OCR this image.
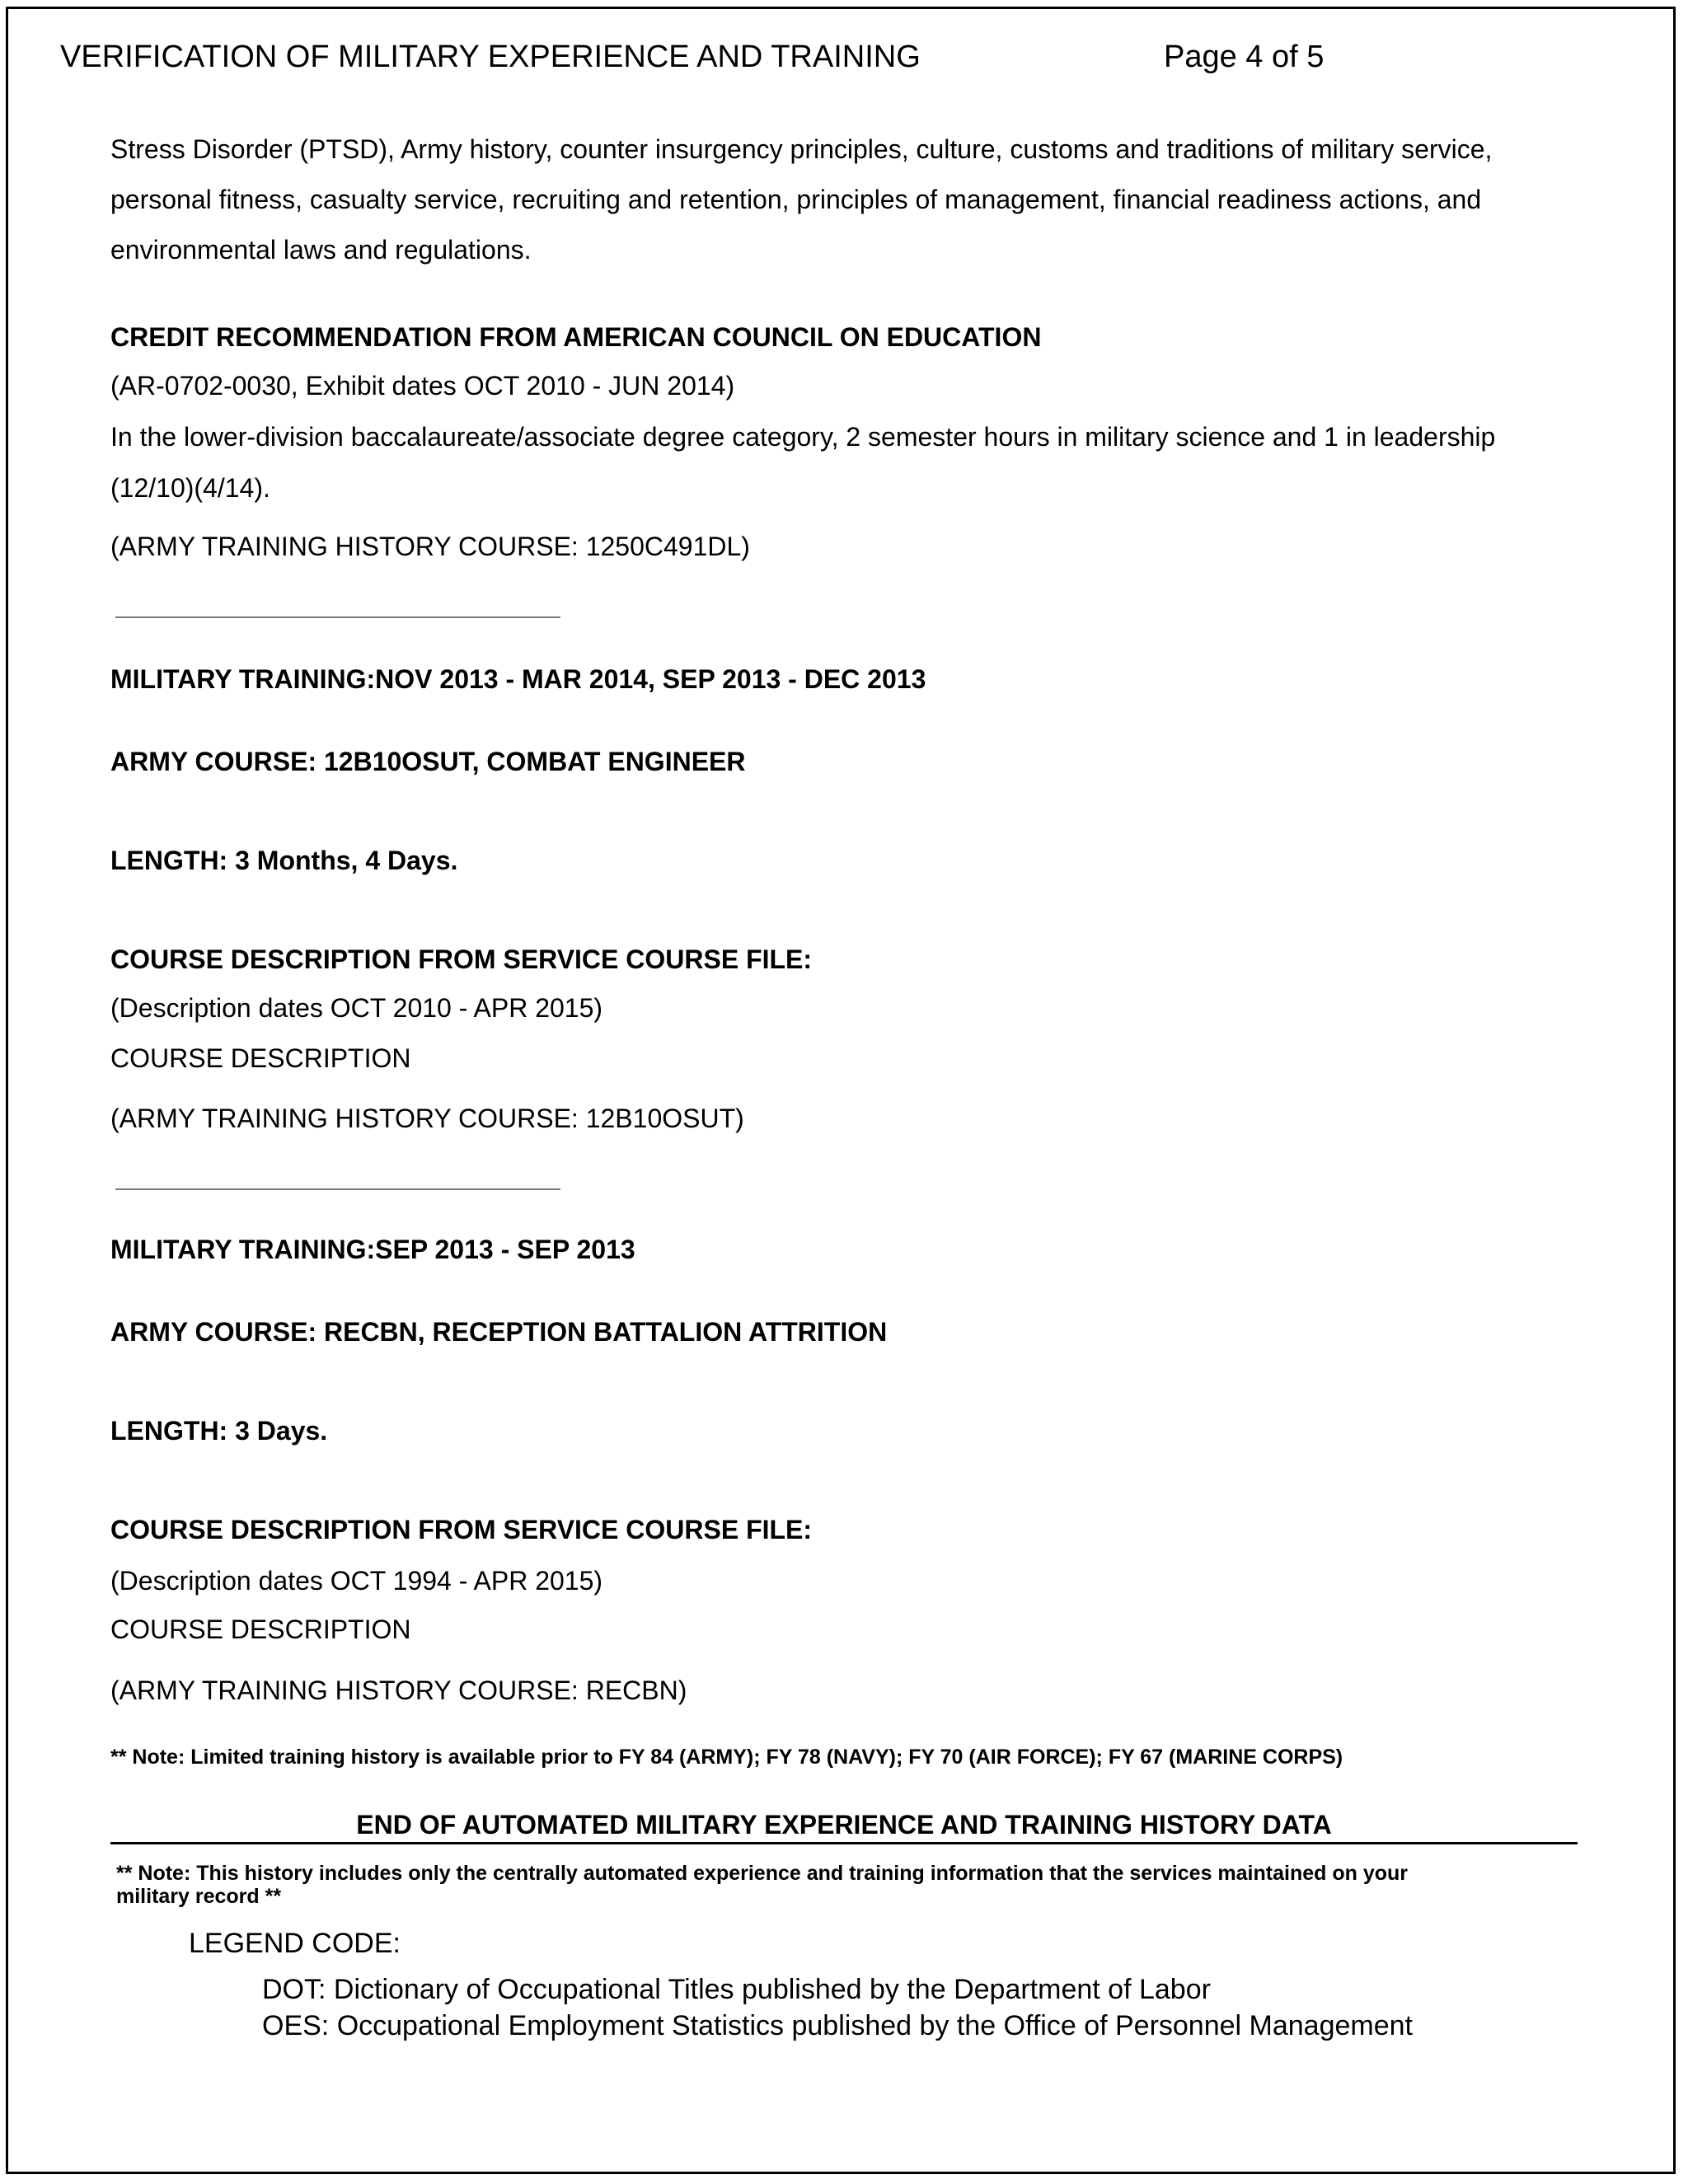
VERIFICATION OF MILITARY EXPERIENCE AND TRAINING	Page 4 of 5
Stress Disorder (PTSD), Army history, counter insurgency principles, culture, customs and traditions of military service,
personal fitness, casualty service, recruiting and retention, principles of management, financial readiness actions, and
environmental laws and regulations.
CREDIT RECOMMENDATION FROM AMERICAN COUNCIL ON EDUCATION
(AR-0702-0030, Exhibit dates OCT 2010 - JUN 2014)
In the lower-division baccalaureate/associate degree category, 2 semester hours in military science and 1 in leadership
(12/10)(4/14).
(ARMY TRAINING HISTORY COURSE: 1250C491DL)
MILITARY TRAINING:NOV 2013 - MAR 2014, SEP 2013 - DEC 2013
ARMY COURSE: 12B10OSUT, COMBAT ENGINEER
LENGTH: 3 Months, 4 Days.
COURSE DESCRIPTION FROM SERVICE COURSE FILE:
(Description dates OCT 2010 - APR 2015)
COURSE DESCRIPTION
(ARMY TRAINING HISTORY COURSE: 12B10OSUT)
MILITARY TRAINING:SEP 2013 - SEP 2013
ARMY COURSE: RECBN, RECEPTION BATTALION ATTRITION
LENGTH: 3 Days.
COURSE DESCRIPTION FROM SERVICE COURSE FILE:
(Description dates OCT 1994 - APR 2015)
COURSE DESCRIPTION
(ARMY TRAINING HISTORY COURSE: RECBN)
** Note: Limited training history is available prior to FY 84 (ARMY); FY 78 (NAVY); FY 70 (AIR FORCE); FY 67 (MARINE CORPS)
END OF AUTOMATED MILITARY EXPERIENCE AND TRAINING HISTORY DATA
** Note: This history includes only the centrally automated experience and training information that the services maintained on your
military record **
LEGEND CODE:
DOT: Dictionary of Occupational Titles published by the Department of Labor
OES: Occupational Employment Statistics published by the Office of Personnel Management
